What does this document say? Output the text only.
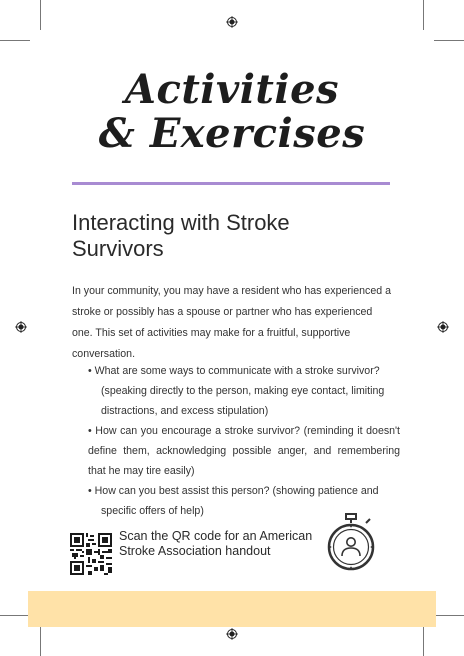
Activities
& Exercises
Interacting with Stroke Survivors
In your community, you may have a resident who has experienced a stroke or possibly has a spouse or partner who has experienced one. This set of activities may make for a fruitful, supportive conversation.
• What are some ways to communicate with a stroke survivor? (speaking directly to the person, making eye contact, limiting distractions, and excess stipulation)
• How can you encourage a stroke survivor? (reminding it doesn't define them, acknowledging possible anger, and remembering that he may tire easily)
• How can you best assist this person? (showing patience and specific offers of help)
Scan the QR code for an American Stroke Association handout
